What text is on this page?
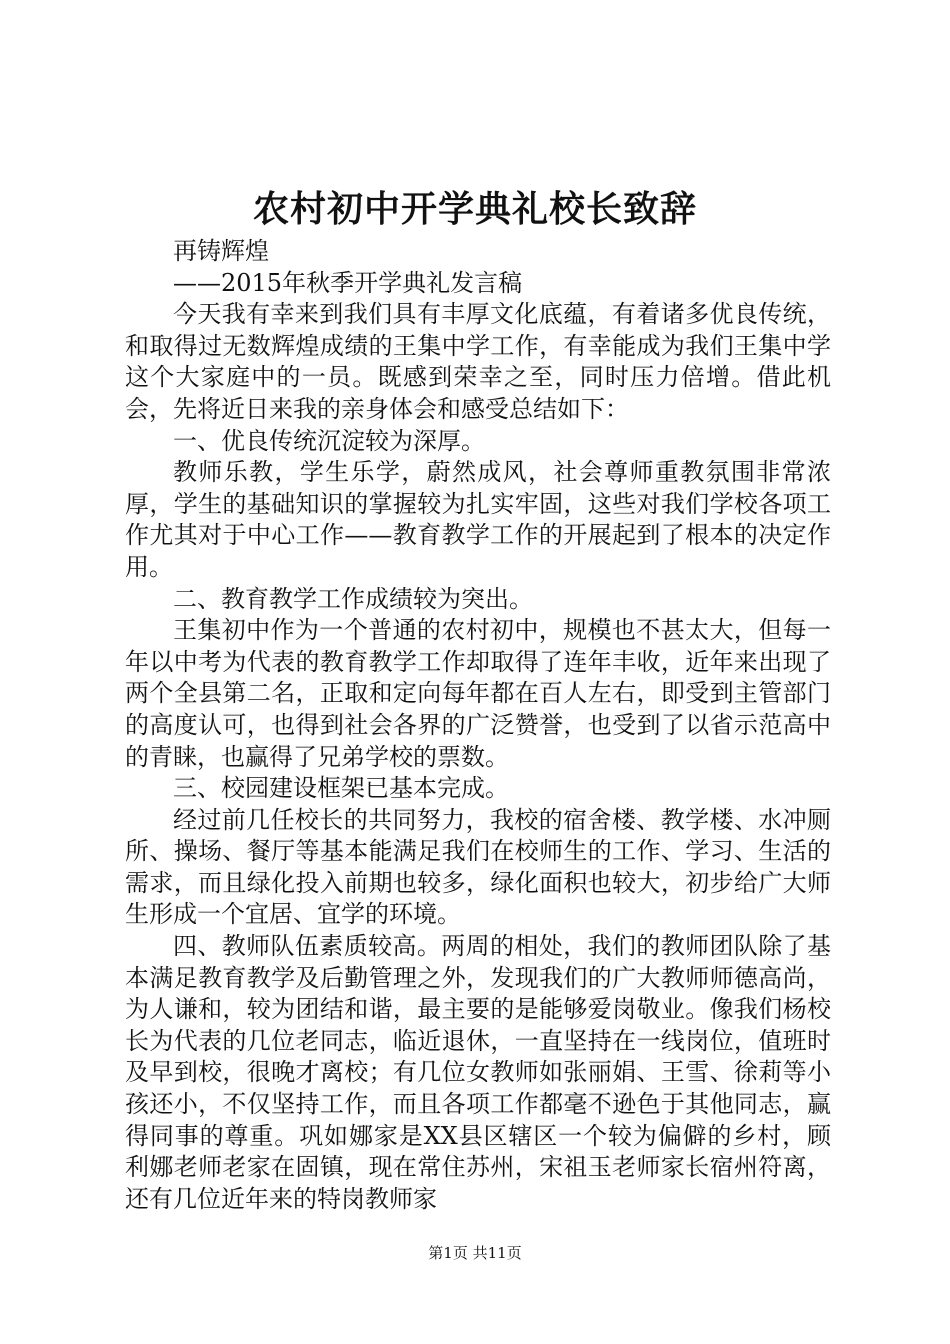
农村初中开学典礼校长致辞

再铸辉煌

——2015年秋季开学典礼发言稿

今天我有幸来到我们具有丰厚文化底蕴，有着诸多优良传统，和取得过无数辉煌成绩的王集中学工作，有幸能成为我们王集中学这个大家庭中的一员。既感到荣幸之至，同时压力倍增。借此机会，先将近日来我的亲身体会和感受总结如下：

一、优良传统沉淀较为深厚。

教师乐教，学生乐学，蔚然成风，社会尊师重教氛围非常浓厚，学生的基础知识的掌握较为扎实牢固，这些对我们学校各项工作尤其对于中心工作——教育教学工作的开展起到了根本的决定作用。

二、教育教学工作成绩较为突出。

王集初中作为一个普通的农村初中，规模也不甚太大，但每一年以中考为代表的教育教学工作却取得了连年丰收，近年来出现了两个全县第二名，正取和定向每年都在百人左右，即受到主管部门的高度认可，也得到社会各界的广泛赞誉，也受到了以省示范高中的青睐，也赢得了兄弟学校的票数。

三、校园建设框架已基本完成。

经过前几任校长的共同努力，我校的宿舍楼、教学楼、水冲厕所、操场、餐厅等基本能满足我们在校师生的工作、学习、生活的需求，而且绿化投入前期也较多，绿化面积也较大，初步给广大师生形成一个宜居、宜学的环境。

四、教师队伍素质较高。两周的相处，我们的教师团队除了基本满足教育教学及后勤管理之外，发现我们的广大教师师德高尚，为人谦和，较为团结和谐，最主要的是能够爱岗敬业。像我们杨校长为代表的几位老同志，临近退休，一直坚持在一线岗位，值班时及早到校，很晚才离校；有几位女教师如张丽娟、王雪、徐莉等小孩还小，不仅坚持工作，而且各项工作都毫不逊色于其他同志，赢得同事的尊重。巩如娜家是XX县区辖区一个较为偏僻的乡村，顾利娜老师老家在固镇，现在常住苏州，宋祖玉老师家长宿州符离，还有几位近年来的特岗教师家

第1页 共11页
